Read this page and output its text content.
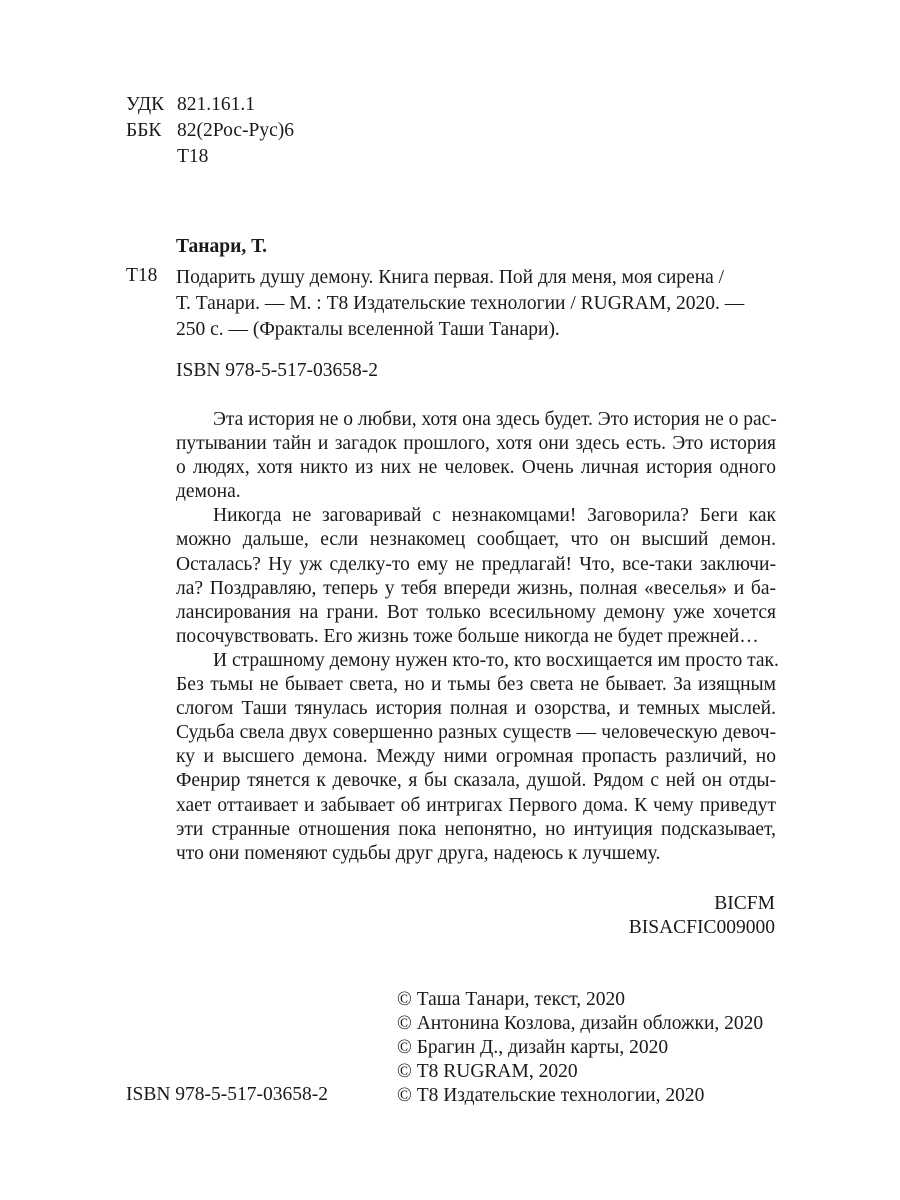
УДК 821.161.1
ББК 82(2Рос-Рус)6
Т18
Танари, Т.
Т18 Подарить душу демону. Книга первая. Пой для меня, моя сирена /
Т. Танари. — М. : Т8 Издательские технологии / RUGRAM, 2020. —
250 с. — (Фракталы вселенной Таши Танари).
ISBN 978-5-517-03658-2

Эта история не о любви, хотя она здесь будет. Это история не о рас-
путывании тайн и загадок прошлого, хотя они здесь есть. Это история
о людях, хотя никто из них не человек. Очень личная история одного
демона.

Никогда не заговаривай с незнакомцами! Заговорила? Беги как
можно дальше, если незнакомец сообщает, что он высший демон.
Осталась? Ну уж сделку-то ему не предлагай! Что, все-таки заключи-
ла? Поздравляю, теперь у тебя впереди жизнь, полная «веселья» и ба-
лансирования на грани. Вот только всесильному демону уже хочется
посочувствовать. Его жизнь тоже больше никогда не будет прежней…

И страшному демону нужен кто-то, кто восхищается им просто так.
Без тьмы не бывает света, но и тьмы без света не бывает. За изящным
слогом Таши тянулась история полная и озорства, и темных мыслей.
Судьба свела двух совершенно разных существ — человеческую девоч-
ку и высшего демона. Между ними огромная пропасть различий, но
Фенрир тянется к девочке, я бы сказала, душой. Рядом с ней он отды-
хает оттаивает и забывает об интригах Первого дома. К чему приведут
эти странные отношения пока непонятно, но интуиция подсказывает,
что они поменяют судьбы друг друга, надеюсь к лучшему.

BICFM
BISACFIC009000
© Таша Танари, текст, 2020
© Антонина Козлова, дизайн обложки, 2020
© Брагин Д., дизайн карты, 2020
© Т8 RUGRAM, 2020
© Т8 Издательские технологии, 2020
ISBN 978-5-517-03658-2
